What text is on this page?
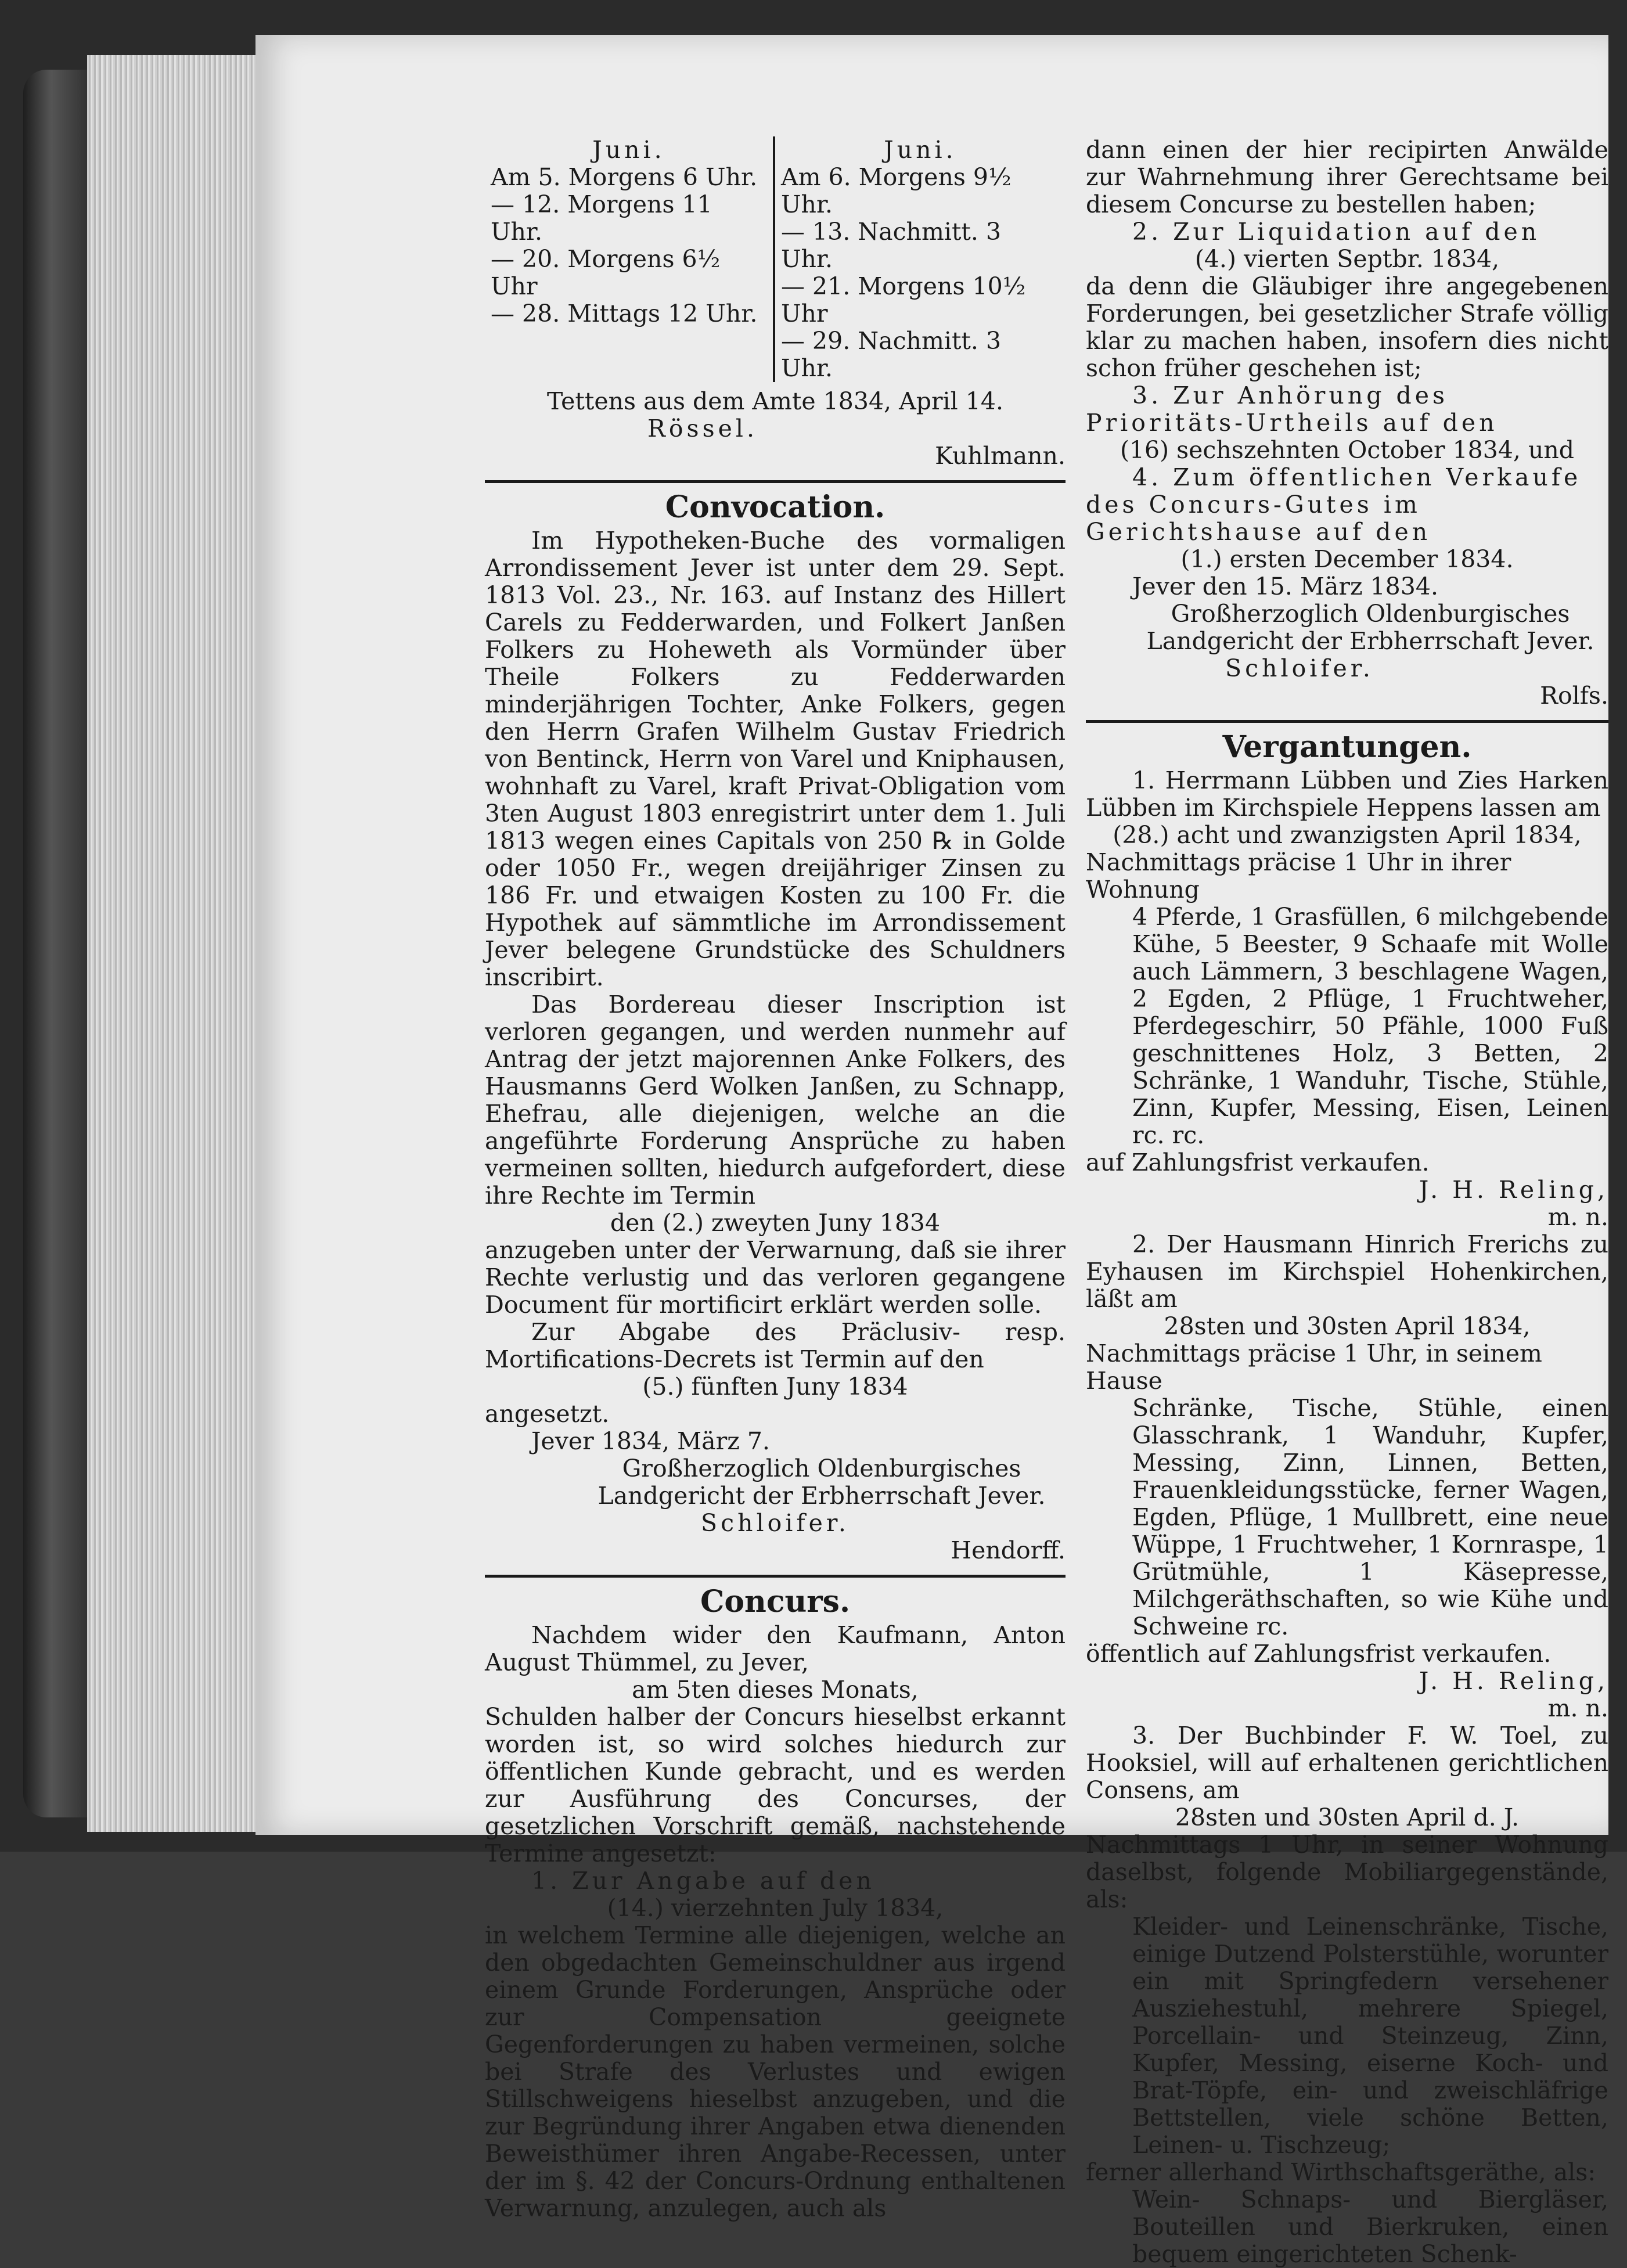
Juni.

Am 5. Morgens 6 Uhr.

— 12. Morgens 11 Uhr.

— 20. Morgens 6½ Uhr

— 28. Mittags 12 Uhr.

Juni.

Am 6. Morgens 9½ Uhr.

— 13. Nachmitt. 3 Uhr.

— 21. Morgens 10½ Uhr

— 29. Nachmitt. 3 Uhr.

Tettens aus dem Amte 1834, April 14.

Rössel.

Kuhlmann.

Convocation.

Im Hypotheken-Buche des vormaligen Arrondissement Jever ist unter dem 29. Sept. 1813 Vol. 23., Nr. 163. auf Instanz des Hillert Carels zu Fedderwarden, und Folkert Janßen Folkers zu Hoheweth als Vormünder über Theile Folkers zu Fedderwarden minderjährigen Tochter, Anke Folkers, gegen den Herrn Grafen Wilhelm Gustav Friedrich von Bentinck, Herrn von Varel und Kniphausen, wohnhaft zu Varel, kraft Privat-Obligation vom 3ten August 1803 enregistrirt unter dem 1. Juli 1813 wegen eines Capitals von 250 ℞ in Golde oder 1050 Fr., wegen dreijähriger Zinsen zu 186 Fr. und etwaigen Kosten zu 100 Fr. die Hypothek auf sämmtliche im Arrondissement Jever belegene Grundstücke des Schuldners inscribirt.

Das Bordereau dieser Inscription ist verloren gegangen, und werden nunmehr auf Antrag der jetzt majorennen Anke Folkers, des Hausmanns Gerd Wolken Janßen, zu Schnapp, Ehefrau, alle diejenigen, welche an die angeführte Forderung Ansprüche zu haben vermeinen sollten, hiedurch aufgefordert, diese ihre Rechte im Termin

den (2.) zweyten Juny 1834

anzugeben unter der Verwarnung, daß sie ihrer Rechte verlustig und das verloren gegangene Document für mortificirt erklärt werden solle.

Zur Abgabe des Präclusiv- resp. Mortifications-Decrets ist Termin auf den

(5.) fünften Juny 1834

angesetzt.

Jever 1834, März 7.

Großherzoglich Oldenburgisches Landgericht der Erbherrschaft Jever.

Schloifer.

Hendorff.

Concurs.

Nachdem wider den Kaufmann, Anton August Thümmel, zu Jever,

am 5ten dieses Monats,

Schulden halber der Concurs hieselbst erkannt worden ist, so wird solches hiedurch zur öffentlichen Kunde gebracht, und es werden zur Ausführung des Concurses, der gesetzlichen Vorschrift gemäß, nachstehende Termine angesetzt:

1. Zur Angabe auf den

(14.) vierzehnten July 1834,

in welchem Termine alle diejenigen, welche an den obgedachten Gemeinschuldner aus irgend einem Grunde Forderungen, Ansprüche oder zur Compensation geeignete Gegenforderungen zu haben vermeinen, solche bei Strafe des Verlustes und ewigen Stillschweigens hieselbst anzugeben, und die zur Begründung ihrer Angaben etwa dienenden Beweisthümer ihren Angabe-Recessen, unter der im §. 42 der Concurs-Ordnung enthaltenen Verwarnung, anzulegen, auch als

dann einen der hier recipirten Anwälde zur Wahrnehmung ihrer Gerechtsame bei diesem Concurse zu bestellen haben;

2. Zur Liquidation auf den

(4.) vierten Septbr. 1834,

da denn die Gläubiger ihre angegebenen Forderungen, bei gesetzlicher Strafe völlig klar zu machen haben, insofern dies nicht schon früher geschehen ist;

3. Zur Anhörung des Prioritäts-Urtheils auf den

(16) sechszehnten October 1834, und

4. Zum öffentlichen Verkaufe des Concurs-Gutes im Gerichtshause auf den

(1.) ersten December 1834.

Jever den 15. März 1834.

Großherzoglich Oldenburgisches Landgericht der Erbherrschaft Jever.

Schloifer.

Rolfs.

Vergantungen.

1. Herrmann Lübben und Zies Harken Lübben im Kirchspiele Heppens lassen am

(28.) acht und zwanzigsten April 1834,

Nachmittags präcise 1 Uhr in ihrer Wohnung

4 Pferde, 1 Grasfüllen, 6 milchgebende Kühe, 5 Beester, 9 Schaafe mit Wolle auch Lämmern, 3 beschlagene Wagen, 2 Egden, 2 Pflüge, 1 Fruchtweher, Pferdegeschirr, 50 Pfähle, 1000 Fuß geschnittenes Holz, 3 Betten, 2 Schränke, 1 Wanduhr, Tische, Stühle, Zinn, Kupfer, Messing, Eisen, Leinen rc. rc.

auf Zahlungsfrist verkaufen.

J. H. Reling,

m. n.

2. Der Hausmann Hinrich Frerichs zu Eyhausen im Kirchspiel Hohenkirchen, läßt am

28sten und 30sten April 1834,

Nachmittags präcise 1 Uhr, in seinem Hause

Schränke, Tische, Stühle, einen Glasschrank, 1 Wanduhr, Kupfer, Messing, Zinn, Linnen, Betten, Frauenkleidungsstücke, ferner Wagen, Egden, Pflüge, 1 Mullbrett, eine neue Wüppe, 1 Fruchtweher, 1 Kornraspe, 1 Grütmühle, 1 Käsepresse, Milchgeräthschaften, so wie Kühe und Schweine rc.

öffentlich auf Zahlungsfrist verkaufen.

J. H. Reling,

m. n.

3. Der Buchbinder F. W. Toel, zu Hooksiel, will auf erhaltenen gerichtlichen Consens, am

28sten und 30sten April d. J.

Nachmittags 1 Uhr, in seiner Wohnung daselbst, folgende Mobiliargegenstände, als:

Kleider- und Leinenschränke, Tische, einige Dutzend Polsterstühle, worunter ein mit Springfedern versehener Ausziehestuhl, mehrere Spiegel, Porcellain- und Steinzeug, Zinn, Kupfer, Messing, eiserne Koch- und Brat-Töpfe, ein- und zweischläfrige Bettstellen, viele schöne Betten, Leinen- u. Tischzeug;

ferner allerhand Wirthschaftsgeräthe, als:

Wein- Schnaps- und Biergläser, Bouteillen und Bierkruken, einen bequem eingerichteten Schenk-
